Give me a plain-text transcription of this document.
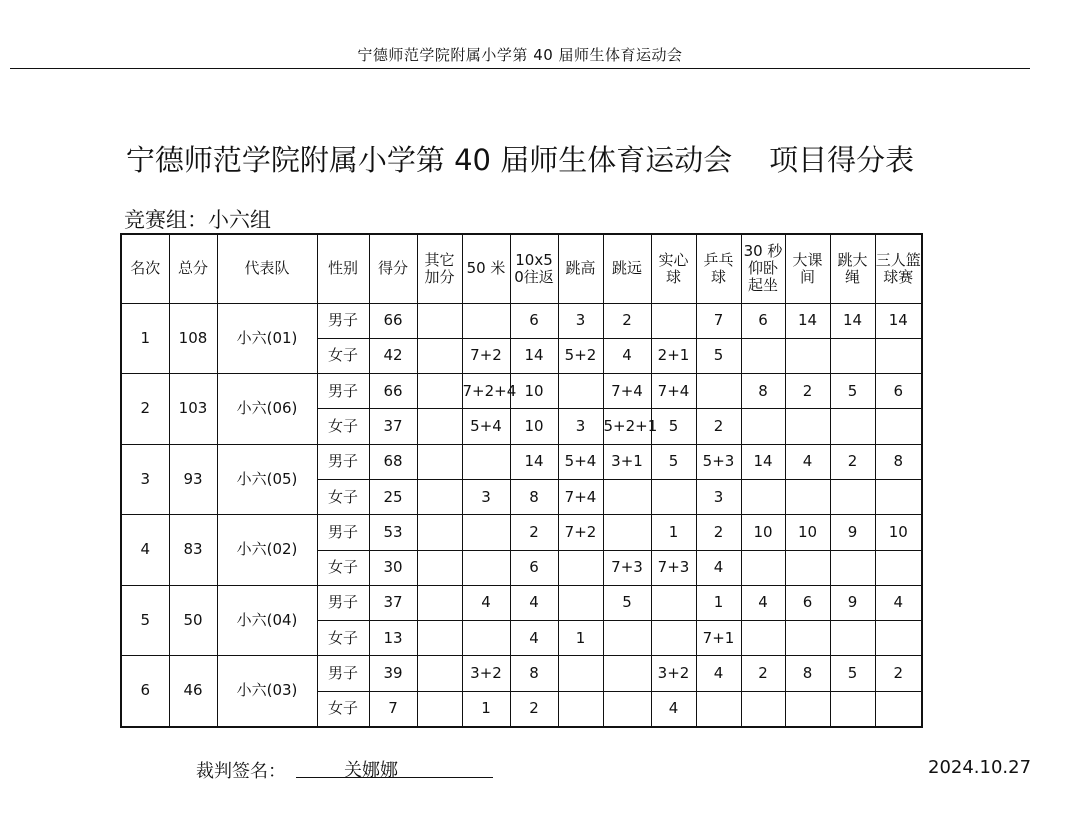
宁德师范学院附属小学第 40 届师生体育运动会
宁德师范学院附属小学第 40 届师生体育运动会    项目得分表
竞赛组：小六组
名次	总分	代表队	性别	得分	其它加分	50 米	10x50往返	跳高	跳远	实心球	乒乓球	30 秒仰卧起坐	大课间	跳大绳	三人篮球赛
1	108	小六(01)	男子	66			6	3	2		7	6	14	14	14
			女子	42		7+2	14	5+2	4	2+1	5				
2	103	小六(06)	男子	66		7+2+4	10		7+4	7+4		8	2	5	6
			女子	37		5+4	10	3	5+2+1	5	2				
3	93	小六(05)	男子	68			14	5+4	3+1	5	5+3	14	4	2	8
			女子	25		3	8	7+4			3				
4	83	小六(02)	男子	53			2	7+2		1	2	10	10	9	10
			女子	30			6		7+3	7+3	4				
5	50	小六(04)	男子	37		4	4		5		1	4	6	9	4
			女子	13			4	1			7+1				
6	46	小六(03)	男子	39		3+2	8			3+2	4	2	8	5	2
			女子	7		1	2			4					
裁判签名：	关娜娜	2024.10.27
